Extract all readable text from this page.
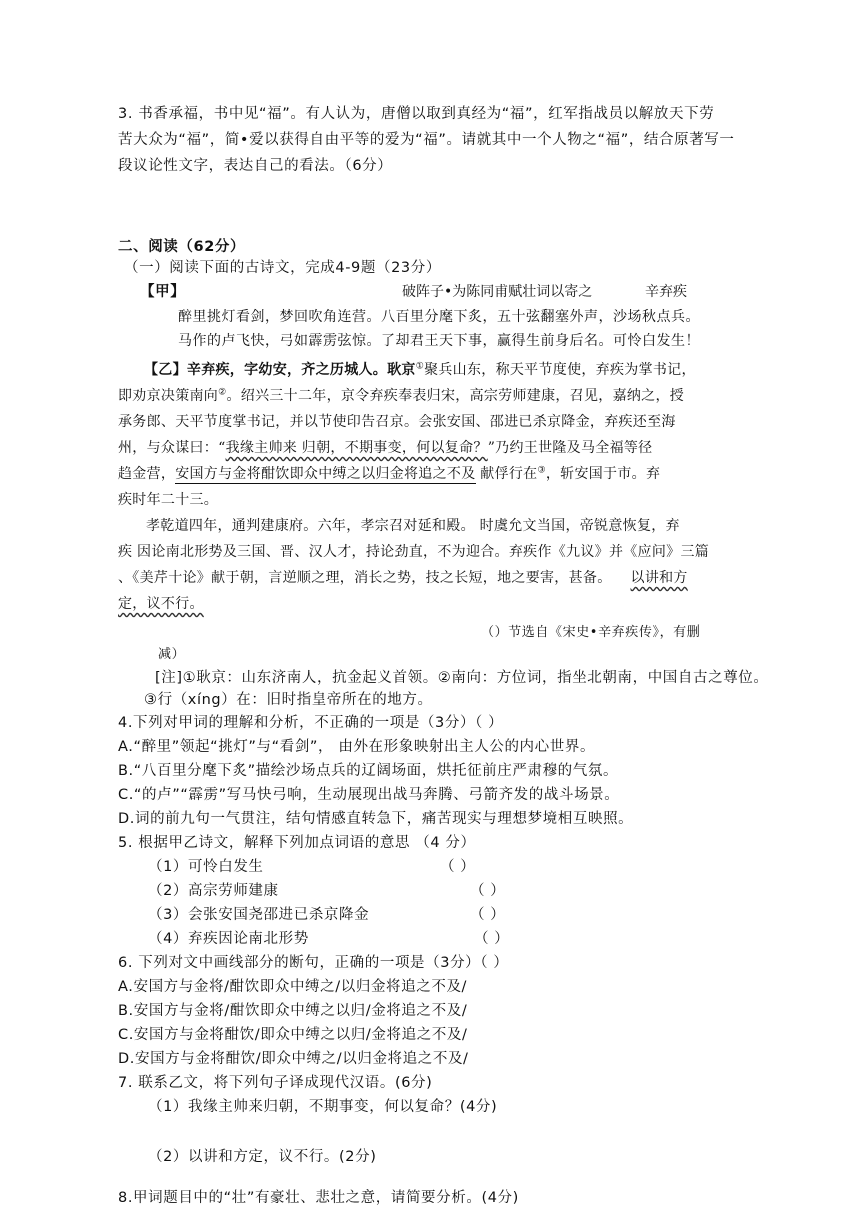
3. 书香承福，书中见“福”。有人认为，唐僧以取到真经为“福”，红军指战员以解放天下劳
苦大众为“福”，简•爱以获得自由平等的爱为“福”。请就其中一个人物之“福”，结合原著写一
段议论性文字，表达自己的看法。（6分）
二、阅读（62分）
（一）阅读下面的古诗文，完成4-9题（23分）
【甲】	破阵子•为陈同甫赋壮词以寄之	辛弃疾
醉里挑灯看剑，梦回吹角连营。八百里分麾下炙，五十弦翻塞外声，沙场秋点兵。
马作的卢飞快，弓如霹雳弦惊。了却君王天下事，赢得生前身后名。可怜白发生！
【乙】辛弃疾，字幼安，齐之历城人。耿京①聚兵山东，称天平节度使，弃疾为掌书记，
即劝京决策南向②。绍兴三十二年，京令弃疾奉表归宋，高宗劳师建康，召见，嘉纳之，授
承务郎、天平节度掌书记，并以节使印告召京。会张安国、邵进已杀京降金，弃疾还至海
州，与众谋曰：“我缘主帅来 归朝，不期事变，何以复命？”乃约王世隆及马全福等径
趋金营，安国方与金将酣饮即众中缚之以归金将追之不及 献俘行在③，斩安国于市。弃
疾时年二十三。
孝乾道四年，通判建康府。六年，孝宗召对延和殿。 时虞允文当国，帝锐意恢复，弃
疾 因论南北形势及三国、晋、汉人才，持论劲直，不为迎合。弃疾作《九议》并《应问》三篇
、《美芹十论》献于朝，言逆顺之理，消长之势，技之长短，地之要害，甚备。 以讲和方
定，议不行。
（）节选自《宋史•辛弃疾传》，有删
减）
[注]①耿京：山东济南人，抗金起义首领。②南向：方位词，指坐北朝南，中国自古之尊位。
③行（xíng）在：旧时指皇帝所在的地方。
4.下列对甲词的理解和分析，不正确的一项是（3分）（ ）
A.“醉里”领起“挑灯”与“看剑”， 由外在形象映射出主人公的内心世界。
B.“八百里分麾下炙”描绘沙场点兵的辽阔场面，烘托征前庄严肃穆的气氛。
C.“的卢”“霹雳”写马快弓响，生动展现出战马奔腾、弓箭齐发的战斗场景。
D.词的前九句一气贯注，结句情感直转急下，痛苦现实与理想梦境相互映照。
5. 根据甲乙诗文，解释下列加点词语的意思 （4 分）
（1）可怜白发生	（ ）
（2）高宗劳师建康	（ ）
（3）会张安国尧邵进已杀京降金	（ ）
（4）弃疾因论南北形势	（ ）
6. 下列对文中画线部分的断句，正确的一项是（3分）（ ）
A.安国方与金将/酣饮即众中缚之/以归金将追之不及/
B.安国方与金将/酣饮即众中缚之以归/金将追之不及/
C.安国方与金将酣饮/即众中缚之以归/金将追之不及/
D.安国方与金将酣饮/即众中缚之/以归金将追之不及/
7. 联系乙文，将下列句子译成现代汉语。(6分)
（1）我缘主帅来归朝，不期事变，何以复命？(4分)
（2）以讲和方定，议不行。(2分)
8.甲词题目中的“壮”有豪壮、悲壮之意，请简要分析。(4分)
